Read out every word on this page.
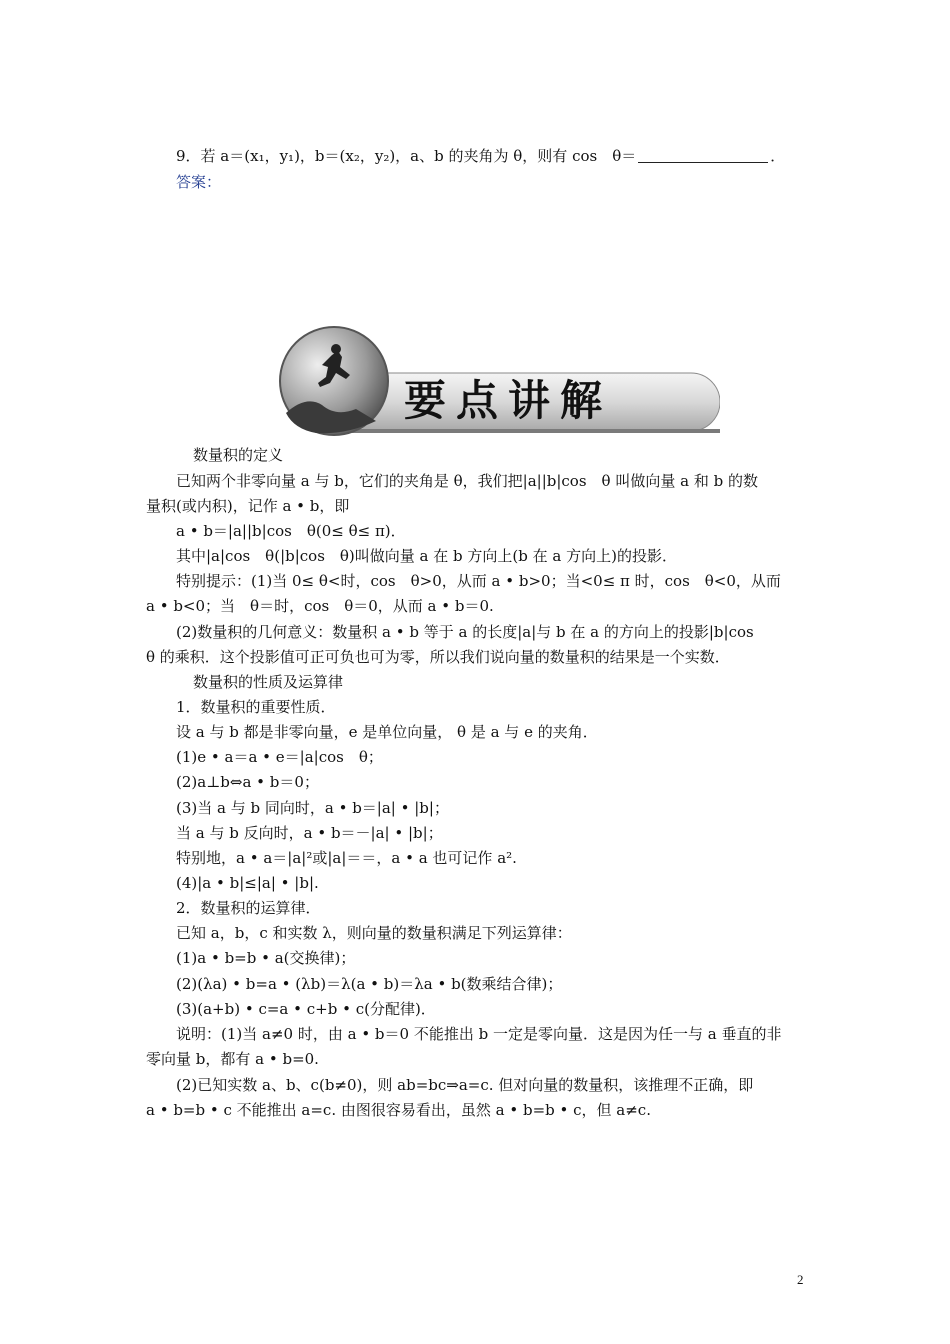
9．若 a＝(x₁，y₁)，b＝(x₂，y₂)，a、b 的夹角为 θ，则有 cos　θ＝	．
答案：
要点讲解
数量积的定义
已知两个非零向量 a 与 b，它们的夹角是 θ，我们把|a||b|cos　θ 叫做向量 a 和 b 的数
量积(或内积)，记作 a • b，即
a • b＝|a||b|cos　θ(0≤ θ≤ π)．
其中|a|cos　θ(|b|cos　θ)叫做向量 a 在 b 方向上(b 在 a 方向上)的投影．
特别提示：(1)当 0≤ θ<时，cos　θ>0，从而 a • b>0；当<0≤ π 时，cos　θ<0，从而
a • b<0；当　θ＝时，cos　θ＝0，从而 a • b＝0.
(2)数量积的几何意义：数量积 a • b 等于 a 的长度|a|与 b 在 a 的方向上的投影|b|cos
θ 的乘积．这个投影值可正可负也可为零，所以我们说向量的数量积的结果是一个实数．
数量积的性质及运算律
1．数量积的重要性质．
设 a 与 b 都是非零向量，e 是单位向量， θ 是 a 与 e 的夹角．
(1)e • a＝a • e＝|a|cos　θ；
(2)a⊥b⇔a • b＝0；
(3)当 a 与 b 同向时，a • b＝|a| • |b|；
当 a 与 b 反向时，a • b＝－|a| • |b|；
特别地，a • a＝|a|²或|a|＝＝，a • a 也可记作 a².
(4)|a • b|≤|a| • |b|.
2．数量积的运算律．
已知 a，b，c 和实数 λ，则向量的数量积满足下列运算律：
(1)a • b=b • a(交换律)；
(2)(λa) • b=a • (λb)＝λ(a • b)＝λa • b(数乘结合律)；
(3)(a+b) • c=a • c+b • c(分配律)．
说明：(1)当 a≠0 时，由 a • b＝0 不能推出 b 一定是零向量．这是因为任一与 a 垂直的非
零向量 b，都有 a • b=0.
(2)已知实数 a、b、c(b≠0)，则 ab=bc⇒a=c. 但对向量的数量积，该推理不正确，即
a • b=b • c 不能推出 a=c. 由图很容易看出，虽然 a • b=b • c，但 a≠c.
2
